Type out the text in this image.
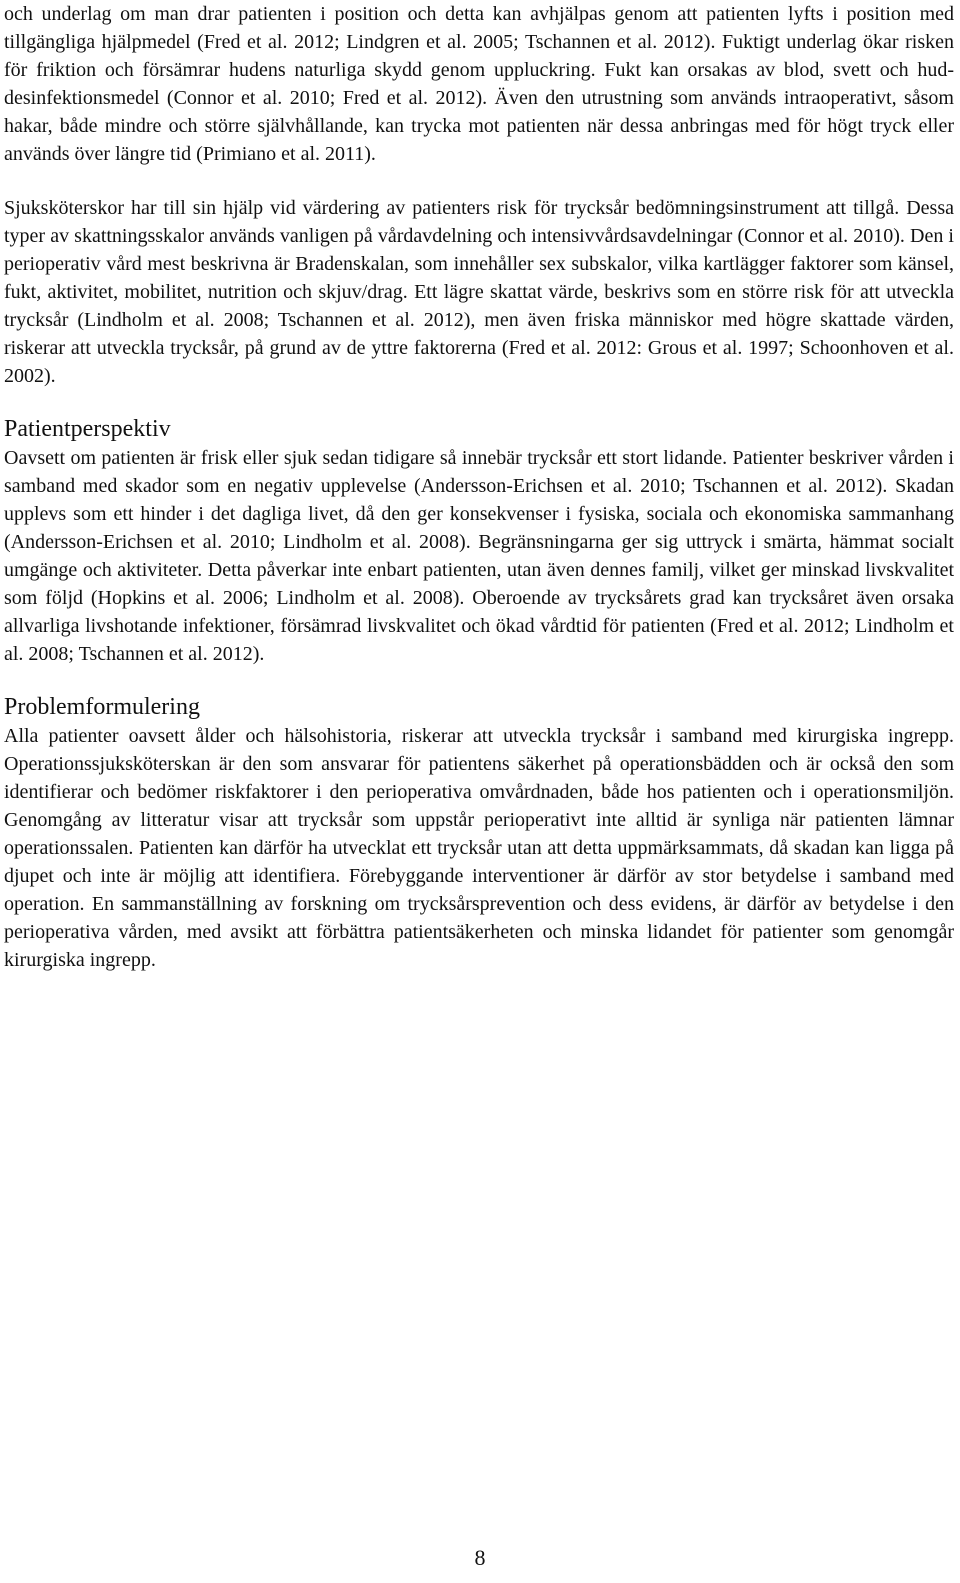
och underlag om man drar patienten i position och detta kan avhjälpas genom att patienten lyfts i position med tillgängliga hjälpmedel (Fred et al. 2012; Lindgren et al. 2005; Tschannen et al. 2012). Fuktigt underlag ökar risken för friktion och försämrar hudens naturliga skydd genom uppluckring. Fukt kan orsakas av blod, svett och hud-desinfektionsmedel (Connor et al. 2010; Fred et al. 2012). Även den utrustning som används intraoperativt, såsom hakar, både mindre och större självhållande, kan trycka mot patienten när dessa anbringas med för högt tryck eller används över längre tid (Primiano et al. 2011).

Sjuksköterskor har till sin hjälp vid värdering av patienters risk för trycksår bedömningsinstrument att tillgå. Dessa typer av skattningsskalor används vanligen på vårdavdelning och intensivvårdsavdelningar (Connor et al. 2010). Den i perioperativ vård mest beskrivna är Bradenskalan, som innehåller sex subskalor, vilka kartlägger faktorer som känsel, fukt, aktivitet, mobilitet, nutrition och skjuv/drag. Ett lägre skattat värde, beskrivs som en större risk för att utveckla trycksår (Lindholm et al. 2008; Tschannen et al. 2012), men även friska människor med högre skattade värden, riskerar att utveckla trycksår, på grund av de yttre faktorerna (Fred et al. 2012: Grous et al. 1997; Schoonhoven et al. 2002).

Patientperspektiv

Oavsett om patienten är frisk eller sjuk sedan tidigare så innebär trycksår ett stort lidande. Patienter beskriver vården i samband med skador som en negativ upplevelse (Andersson-Erichsen et al. 2010; Tschannen et al. 2012). Skadan upplevs som ett hinder i det dagliga livet, då den ger konsekvenser i fysiska, sociala och ekonomiska sammanhang (Andersson-Erichsen et al. 2010; Lindholm et al. 2008). Begränsningarna ger sig uttryck i smärta, hämmat socialt umgänge och aktiviteter. Detta påverkar inte enbart patienten, utan även dennes familj, vilket ger minskad livskvalitet som följd (Hopkins et al. 2006; Lindholm et al. 2008). Oberoende av trycksårets grad kan trycksåret även orsaka allvarliga livshotande infektioner, försämrad livskvalitet och ökad vårdtid för patienten (Fred et al. 2012; Lindholm et al. 2008; Tschannen et al. 2012).

Problemformulering

Alla patienter oavsett ålder och hälsohistoria, riskerar att utveckla trycksår i samband med kirurgiska ingrepp. Operationssjuksköterskan är den som ansvarar för patientens säkerhet på operationsbädden och är också den som identifierar och bedömer riskfaktorer i den perioperativa omvårdnaden, både hos patienten och i operationsmiljön. Genomgång av litteratur visar att trycksår som uppstår perioperativt inte alltid är synliga när patienten lämnar operationssalen. Patienten kan därför ha utvecklat ett trycksår utan att detta uppmärksammats, då skadan kan ligga på djupet och inte är möjlig att identifiera. Förebyggande interventioner är därför av stor betydelse i samband med operation. En sammanställning av forskning om trycksårsprevention och dess evidens, är därför av betydelse i den perioperativa vården, med avsikt att förbättra patientsäkerheten och minska lidandet för patienter som genomgår kirurgiska ingrepp.

8
